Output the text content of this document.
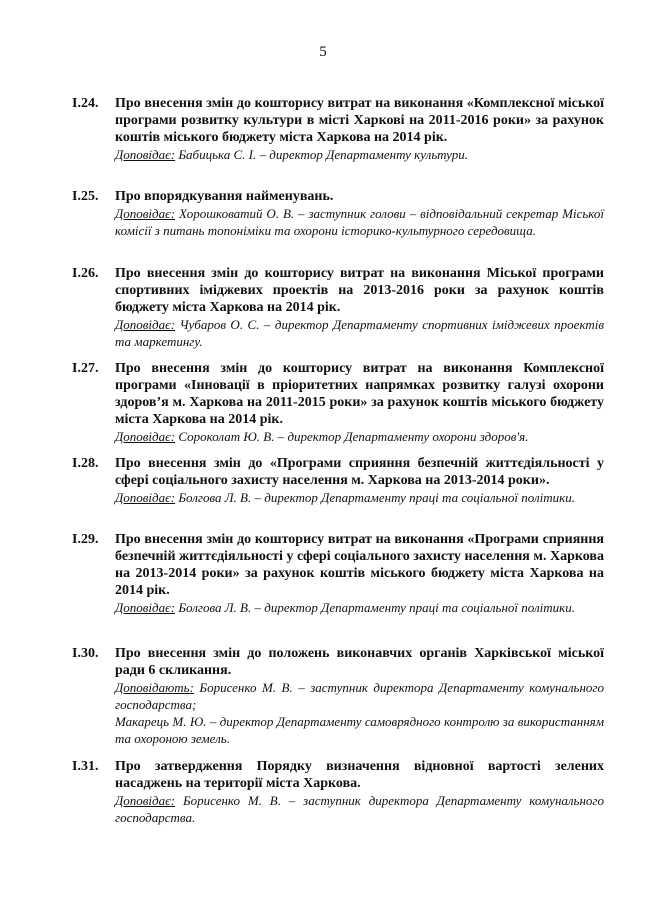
5
I.24.	Про внесення змін до кошторису витрат на виконання «Комплексної міської програми розвитку культури в місті Харкові на 2011-2016 роки» за рахунок коштів міського бюджету міста Харкова на 2014 рік.
Доповідає: Бабицька С. І. – директор Департаменту культури.
I.25.	Про впорядкування найменувань.
Доповідає: Хорошковатий О. В. – заступник голови – відповідальний секретар Міської комісії з питань топоніміки та охорони історико-культурного середовища.
I.26.	Про внесення змін до кошторису витрат на виконання Міської програми спортивних іміджевих проектів на 2013-2016 роки за рахунок коштів бюджету міста Харкова на 2014 рік.
Доповідає: Чубаров О. С. – директор Департаменту спортивних іміджевих проектів та маркетингу.
I.27.	Про внесення змін до кошторису витрат на виконання Комплексної програми «Інновації в пріоритетних напрямках розвитку галузі охорони здоров’я м. Харкова на 2011-2015 роки» за рахунок коштів міського бюджету міста Харкова на 2014 рік.
Доповідає: Сороколат Ю. В. – директор Департаменту охорони здоров'я.
I.28.	Про внесення змін до «Програми сприяння безпечній життєдіяльності у сфері соціального захисту населення м. Харкова на 2013-2014 роки».
Доповідає: Болгова Л. В. – директор Департаменту праці та соціальної політики.
I.29.	Про внесення змін до кошторису витрат на виконання «Програми сприяння безпечній життєдіяльності у сфері соціального захисту населення м. Харкова на 2013-2014 роки» за рахунок коштів міського бюджету міста Харкова на 2014 рік.
Доповідає: Болгова Л. В. – директор Департаменту праці та соціальної політики.
I.30.	Про внесення змін до положень виконавчих органів Харківської міської ради 6 скликання.
Доповідають: Борисенко М. В. – заступник директора Департаменту комунального господарства;
Макарець М. Ю. – директор Департаменту самоврядного контролю за використанням та охороною земель.
I.31.	Про затвердження Порядку визначення відновної вартості зелених насаджень на території міста Харкова.
Доповідає: Борисенко М. В. – заступник директора Департаменту комунального господарства.
